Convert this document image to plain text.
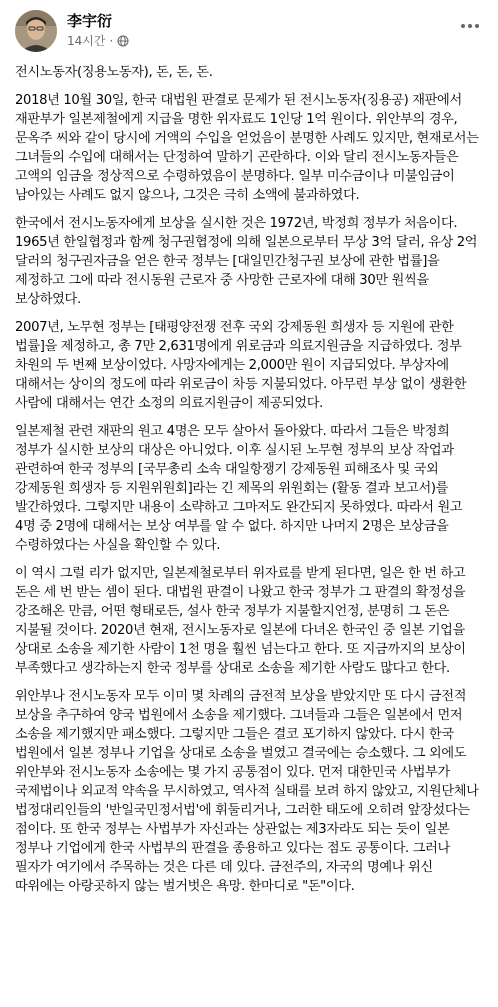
李宇衍
14시간 ·

전시노동자(징용노동자), 돈, 돈, 돈.

2018년 10월 30일, 한국 대법원 판결로 문제가 된 전시노동자(징용공) 재판에서 재판부가 일본제철에게 지급을 명한 위자료도 1인당 1억 원이다. 위안부의 경우, 문옥주 씨와 같이 당시에 거액의 수입을 얻었음이 분명한 사례도 있지만, 현재로서는 그녀들의 수입에 대해서는 단정하여 말하기 곤란하다. 이와 달리 전시노동자들은 고액의 임금을 정상적으로 수령하였음이 분명하다. 일부 미수금이나 미불임금이 남아있는 사례도 없지 않으나, 그것은 극히 소액에 불과하였다.

한국에서 전시노동자에게 보상을 실시한 것은 1972년, 박정희 정부가 처음이다. 1965년 한일협정과 함께 청구권협정에 의해 일본으로부터 무상 3억 달러, 유상 2억 달러의 청구권자금을 얻은 한국 정부는 [대일민간청구권 보상에 관한 법률]을 제정하고 그에 따라 전시동원 근로자 중 사망한 근로자에 대해 30만 원씩을 보상하였다.

2007년, 노무현 정부는 [태평양전쟁 전후 국외 강제동원 희생자 등 지원에 관한 법률]을 제정하고, 총 7만 2,631명에게 위로금과 의료지원금을 지급하였다. 정부 차원의 두 번째 보상이었다. 사망자에게는 2,000만 원이 지급되었다. 부상자에 대해서는 상이의 정도에 따라 위로금이 차등 지불되었다. 아무런 부상 없이 생환한 사람에 대해서는 연간 소정의 의료지원금이 제공되었다.

일본제철 관련 재판의 원고 4명은 모두 살아서 돌아왔다. 따라서 그들은 박정희 정부가 실시한 보상의 대상은 아니었다. 이후 실시된 노무현 정부의 보상 작업과 관련하여 한국 정부의 [국무총리 소속 대일항쟁기 강제동원 피해조사 및 국외 강제동원 희생자 등 지원위원회]라는 긴 제목의 위원회는 (활동 결과 보고서)를 발간하였다. 그렇지만 내용이 소략하고 그마저도 완간되지 못하였다. 따라서 원고 4명 중 2명에 대해서는 보상 여부를 알 수 없다. 하지만 나머지 2명은 보상금을 수령하였다는 사실을 확인할 수 있다.

이 역시 그럴 리가 없지만, 일본제철로부터 위자료를 받게 된다면, 일은 한 번 하고 돈은 세 번 받는 셈이 된다. 대법원 판결이 나왔고 한국 정부가 그 판결의 확정성을 강조해온 만큼, 어떤 형태로든, 설사 한국 정부가 지불할지언정, 분명히 그 돈은 지불될 것이다. 2020년 현재, 전시노동자로 일본에 다녀온 한국인 중 일본 기업을 상대로 소송을 제기한 사람이 1천 명을 훨씬 넘는다고 한다. 또 지금까지의 보상이 부족했다고 생각하는지 한국 정부를 상대로 소송을 제기한 사람도 많다고 한다.

위안부나 전시노동자 모두 이미 몇 차례의 금전적 보상을 받았지만 또 다시 금전적 보상을 추구하여 양국 법원에서 소송을 제기했다. 그녀들과 그들은 일본에서 먼저 소송을 제기했지만 패소했다. 그렇지만 그들은 결코 포기하지 않았다. 다시 한국 법원에서 일본 정부나 기업을 상대로 소송을 벌였고 결국에는 승소했다. 그 외에도 위안부와 전시노동자 소송에는 몇 가지 공통점이 있다. 먼저 대한민국 사법부가 국제법이나 외교적 약속을 무시하였고, 역사적 실태를 보려 하지 않았고, 지원단체나 법정대리인들의 '반일국민정서법'에 휘둘리거나, 그러한 태도에 오히려 앞장섰다는 점이다. 또 한국 정부는 사법부가 자신과는 상관없는 제3자라도 되는 듯이 일본 정부나 기업에게 한국 사법부의 판결을 종용하고 있다는 점도 공통이다. 그러나 필자가 여기에서 주목하는 것은 다른 데 있다. 금전주의, 자국의 명예나 위신 따위에는 아랑곳하지 않는 벌거벗은 욕망. 한마디로 "돈"이다.
